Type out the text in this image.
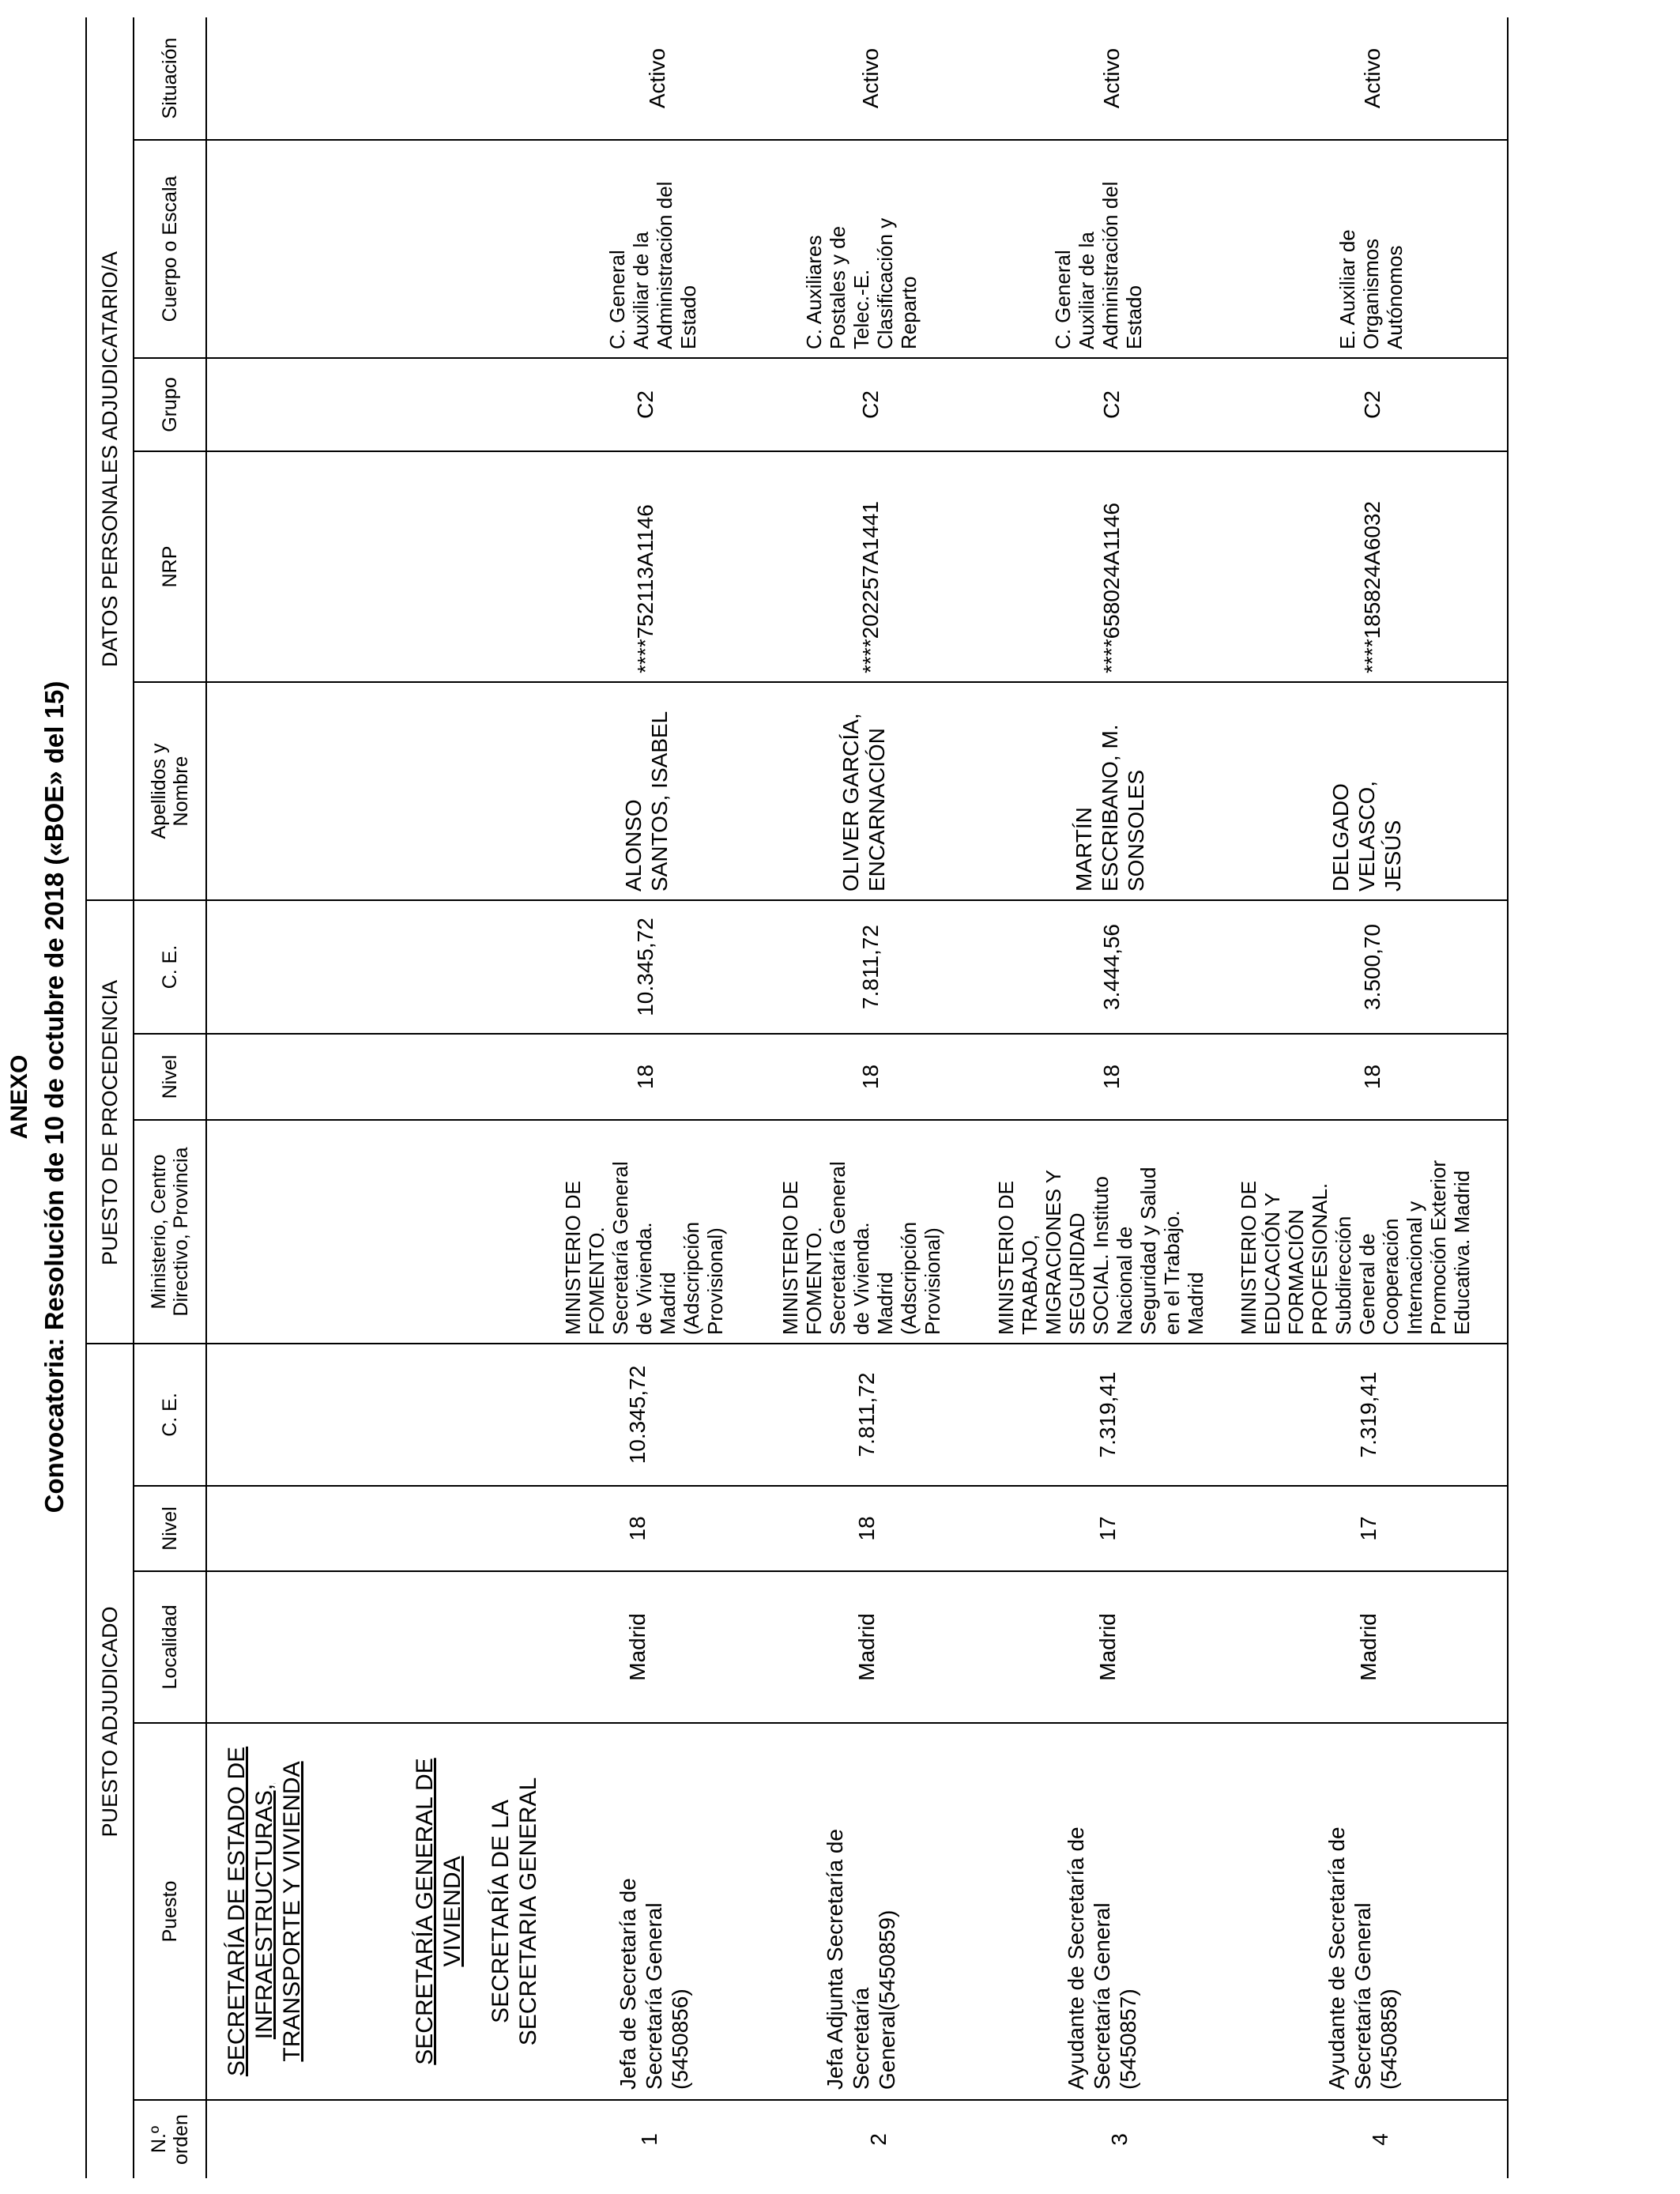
ANEXO Convocatoria: Resolución de 10 de octubre de 2018 («BOE» del 15)
PUESTO ADJUDICADO
PUESTO DE PROCEDENCIA
DATOS PERSONALES ADJUDICATARIO/A
N.º
orden
Puesto
Localidad
Nivel
C. E.
Ministerio, Centro
Directivo, Provincia
Nivel
C. E.
Apellidos y
Nombre
NRP
Grupo
Cuerpo o Escala
Situación
SECRETARÍA DE ESTADO DE INFRAESTRUCTURAS, TRANSPORTE Y VIVIENDA	SECRETARÍA GENERAL DE VIVIENDA SECRETARÍA DE LA SECRETARIA GENERAL
1
Jefa de Secretaría de
Secretaría General
(5450856)
Madrid
18
10.345,72
MINISTERIO DE
FOMENTO.
Secretaría General
de Vivienda.
Madrid
(Adscripción
Provisional)
18
10.345,72
ALONSO
SANTOS, ISABEL
****752113A1146
C2
C. General
Auxiliar de la
Administración del
Estado
Activo
2
Jefa Adjunta Secretaría de
Secretaría
General(5450859)
Madrid
18
7.811,72
MINISTERIO DE
FOMENTO.
Secretaría General
de Vivienda.
Madrid
(Adscripción
Provisional)
18
7.811,72
OLIVER GARCÍA,
ENCARNACIÓN
****202257A1441
C2
C. Auxiliares
Postales y de
Telec.-E.
Clasificación y
Reparto
Activo
3
Ayudante de Secretaría de
Secretaría General
(5450857)
Madrid
17
7.319,41
MINISTERIO DE
TRABAJO,
MIGRACIONES Y
SEGURIDAD
SOCIAL. Instituto
Nacional de
Seguridad y Salud
en el Trabajo.
Madrid
18
3.444,56
MARTÍN
ESCRIBANO, M.
SONSOLES
****658024A1146
C2
C. General
Auxiliar de la
Administración del
Estado
Activo
4
Ayudante de Secretaría de
Secretaría General
(5450858)
Madrid
17
7.319,41
MINISTERIO DE
EDUCACIÓN Y
FORMACIÓN
PROFESIONAL.
Subdirección
General de
Cooperación
Internacional y
Promoción Exterior
Educativa. Madrid
18
3.500,70
DELGADO
VELASCO,
JESÚS
****185824A6032
C2
E. Auxiliar de
Organismos
Autónomos
Activo
